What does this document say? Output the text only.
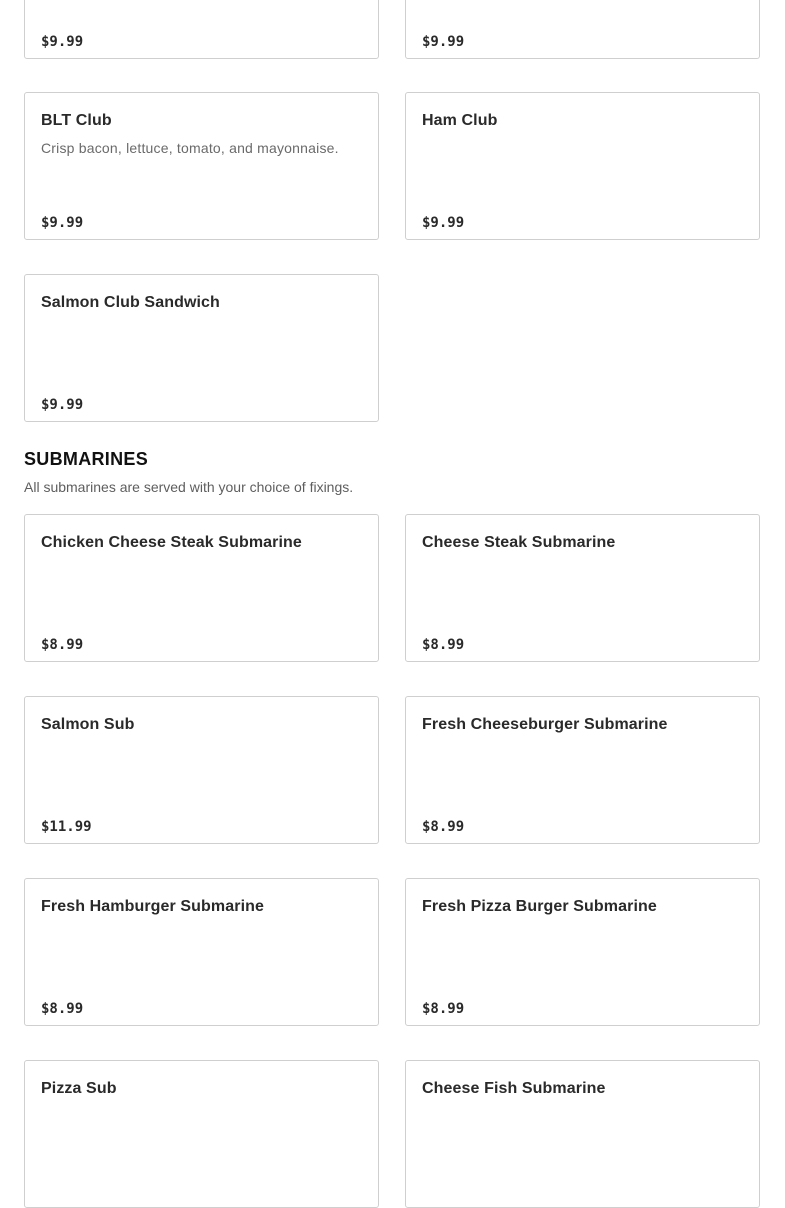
$9.99	$9.99
BLT Club
Crisp bacon, lettuce, tomato, and mayonnaise.
$9.99
Ham Club
$9.99
Salmon Club Sandwich
$9.99
SUBMARINES

All submarines are served with your choice of fixings.

Chicken Cheese Steak Submarine
$8.99
Cheese Steak Submarine
$8.99
Salmon Sub
$11.99
Fresh Cheeseburger Submarine
$8.99
Fresh Hamburger Submarine
$8.99
Fresh Pizza Burger Submarine
$8.99
Pizza Sub	Cheese Fish Submarine
